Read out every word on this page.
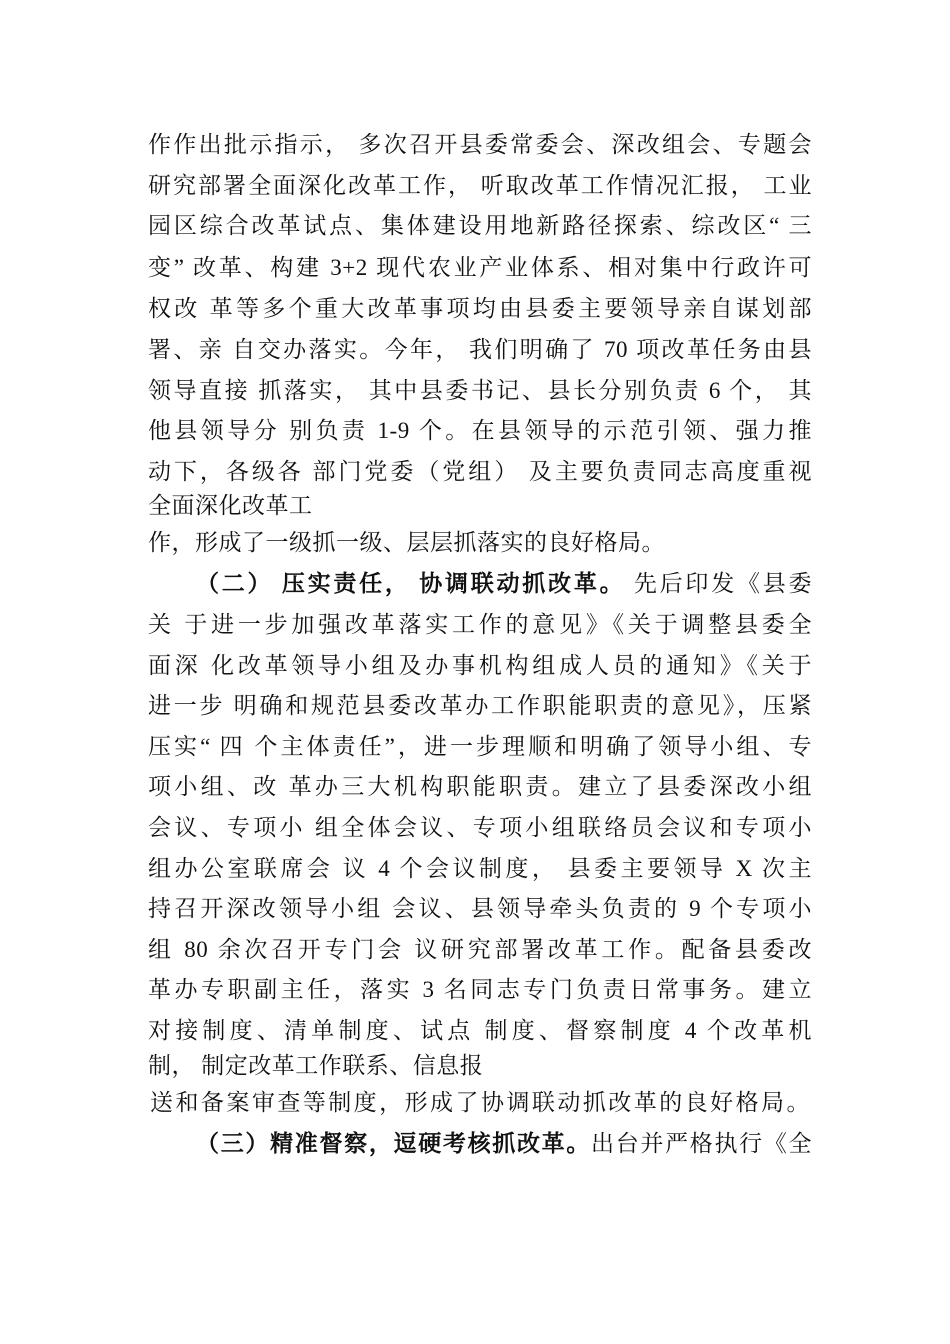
作作出批示指示， 多次召开县委常委会、深改组会、专题会
研究部署全面深化改革工作， 听取改革工作情况汇报， 工业
园区综合改革试点、集体建设用地新路径探索、综改区“ 三
变” 改革、构建 3+2 现代农业产业体系、相对集中行政许可
权改 革等多个重大改革事项均由县委主要领导亲自谋划部
署、亲 自交办落实。今年， 我们明确了 70 项改革任务由县
领导直接 抓落实， 其中县委书记、县长分别负责 6 个， 其
他县领导分 别负责 1-9 个。在县领导的示范引领、强力推
动下，各级各 部门党委（党组） 及主要负责同志高度重视
全面深化改革工
作，形成了一级抓一级、层层抓落实的良好格局。
（二） 压实责任， 协调联动抓改革。 先后印发《县委
关 于进一步加强改革落实工作的意见》《关于调整县委全
面深 化改革领导小组及办事机构组成人员的通知》《关于
进一步 明确和规范县委改革办工作职能职责的意见》，压紧
压实“ 四 个主体责任”，进一步理顺和明确了领导小组、专
项小组、改 革办三大机构职能职责。建立了县委深改小组
会议、专项小 组全体会议、专项小组联络员会议和专项小
组办公室联席会 议 4 个会议制度， 县委主要领导 X 次主
持召开深改领导小组 会议、县领导牵头负责的 9 个专项小
组 80 余次召开专门会 议研究部署改革工作。配备县委改
革办专职副主任，落实 3 名同志专门负责日常事务。建立
对接制度、清单制度、试点 制度、督察制度 4 个改革机
制， 制定改革工作联系、信息报
送和备案审查等制度，形成了协调联动抓改革的良好格局。
（三）精准督察，逗硬考核抓改革。出台并严格执行《全
